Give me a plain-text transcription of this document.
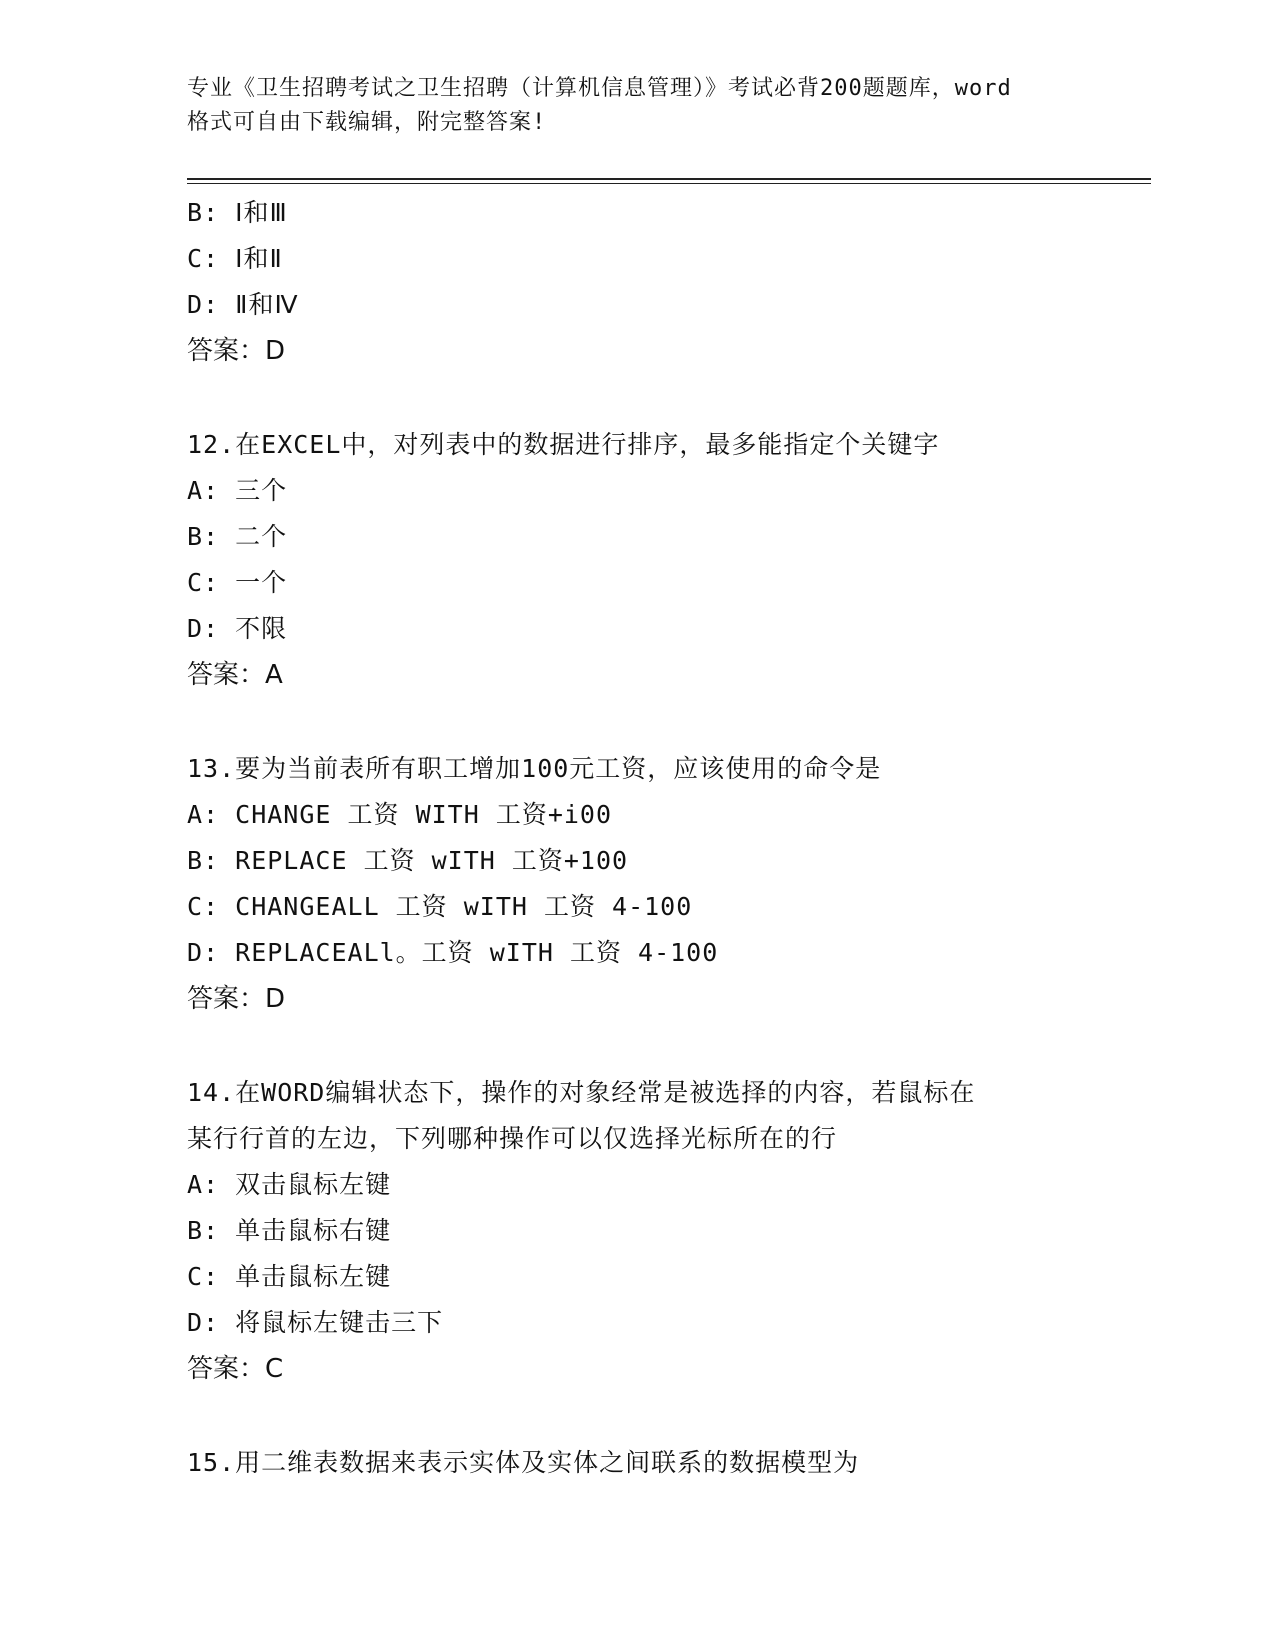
专业《卫生招聘考试之卫生招聘（计算机信息管理）》考试必背200题题库，word
格式可自由下载编辑，附完整答案!
B: Ⅰ和Ⅲ
C: Ⅰ和Ⅱ
D: Ⅱ和Ⅳ
答案：D
12.在EXCEL中，对列表中的数据进行排序，最多能指定个关键字
A: 三个
B: 二个
C: 一个
D: 不限
答案：A
13.要为当前表所有职工增加100元工资，应该使用的命令是
A: CHANGE 工资 WITH 工资+i00
B: REPLACE 工资 wITH 工资+100
C: CHANGEALL 工资 wITH 工资 4-100
D: REPLACEALl。工资 wITH 工资 4-100
答案：D
14.在WORD编辑状态下，操作的对象经常是被选择的内容，若鼠标在
某行行首的左边，下列哪种操作可以仅选择光标所在的行
A: 双击鼠标左键
B: 单击鼠标右键
C: 单击鼠标左键
D: 将鼠标左键击三下
答案：C
15.用二维表数据来表示实体及实体之间联系的数据模型为
